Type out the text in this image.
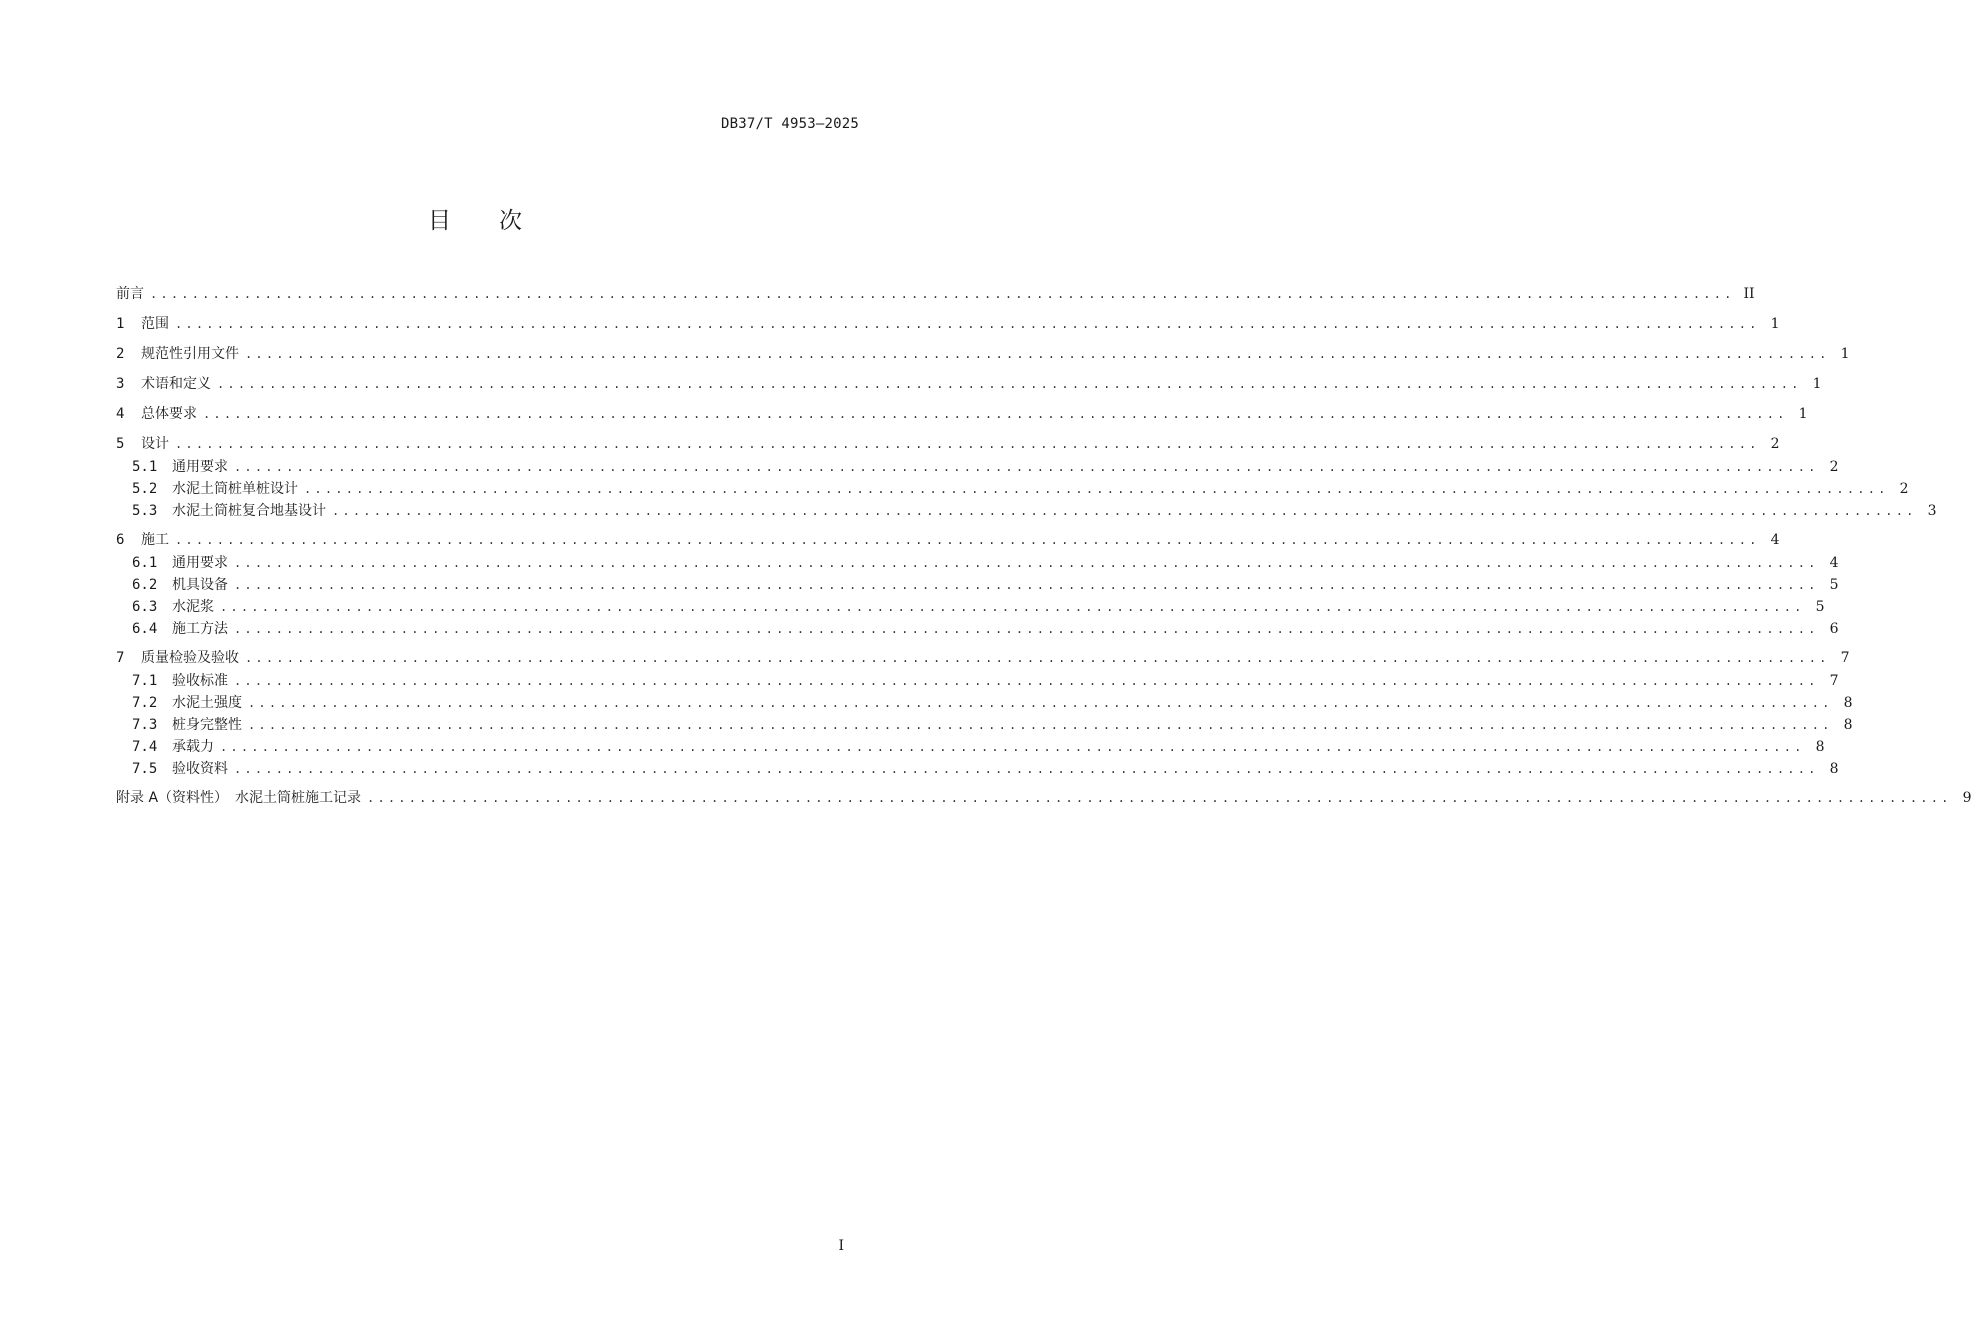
DB37/T 4953—2025
目 次
前言 ........................................................................................................................................................ II
1	范围 ........................................................................................................................................................ 1
2	规范性引用文件 ........................................................................................................................................................ 1
3	术语和定义 ........................................................................................................................................................ 1
4	总体要求 ........................................................................................................................................................ 1
5	设计 ........................................................................................................................................................ 2
5.1	通用要求 ........................................................................................................................................................ 2
5.2	水泥土筒桩单桩设计 ........................................................................................................................................................ 2
5.3	水泥土筒桩复合地基设计 ........................................................................................................................................................ 3
6	施工 ........................................................................................................................................................ 4
6.1	通用要求 ........................................................................................................................................................ 4
6.2	机具设备 ........................................................................................................................................................ 5
6.3	水泥浆 ........................................................................................................................................................ 5
6.4	施工方法 ........................................................................................................................................................ 6
7	质量检验及验收 ........................................................................................................................................................ 7
7.1	验收标准 ........................................................................................................................................................ 7
7.2	水泥土强度 ........................................................................................................................................................ 8
7.3	桩身完整性 ........................................................................................................................................................ 8
7.4	承载力 ........................................................................................................................................................ 8
7.5	验收资料 ........................................................................................................................................................ 8
附录 A（资料性）　水泥土筒桩施工记录 ........................................................................................................................................................ 9
I
